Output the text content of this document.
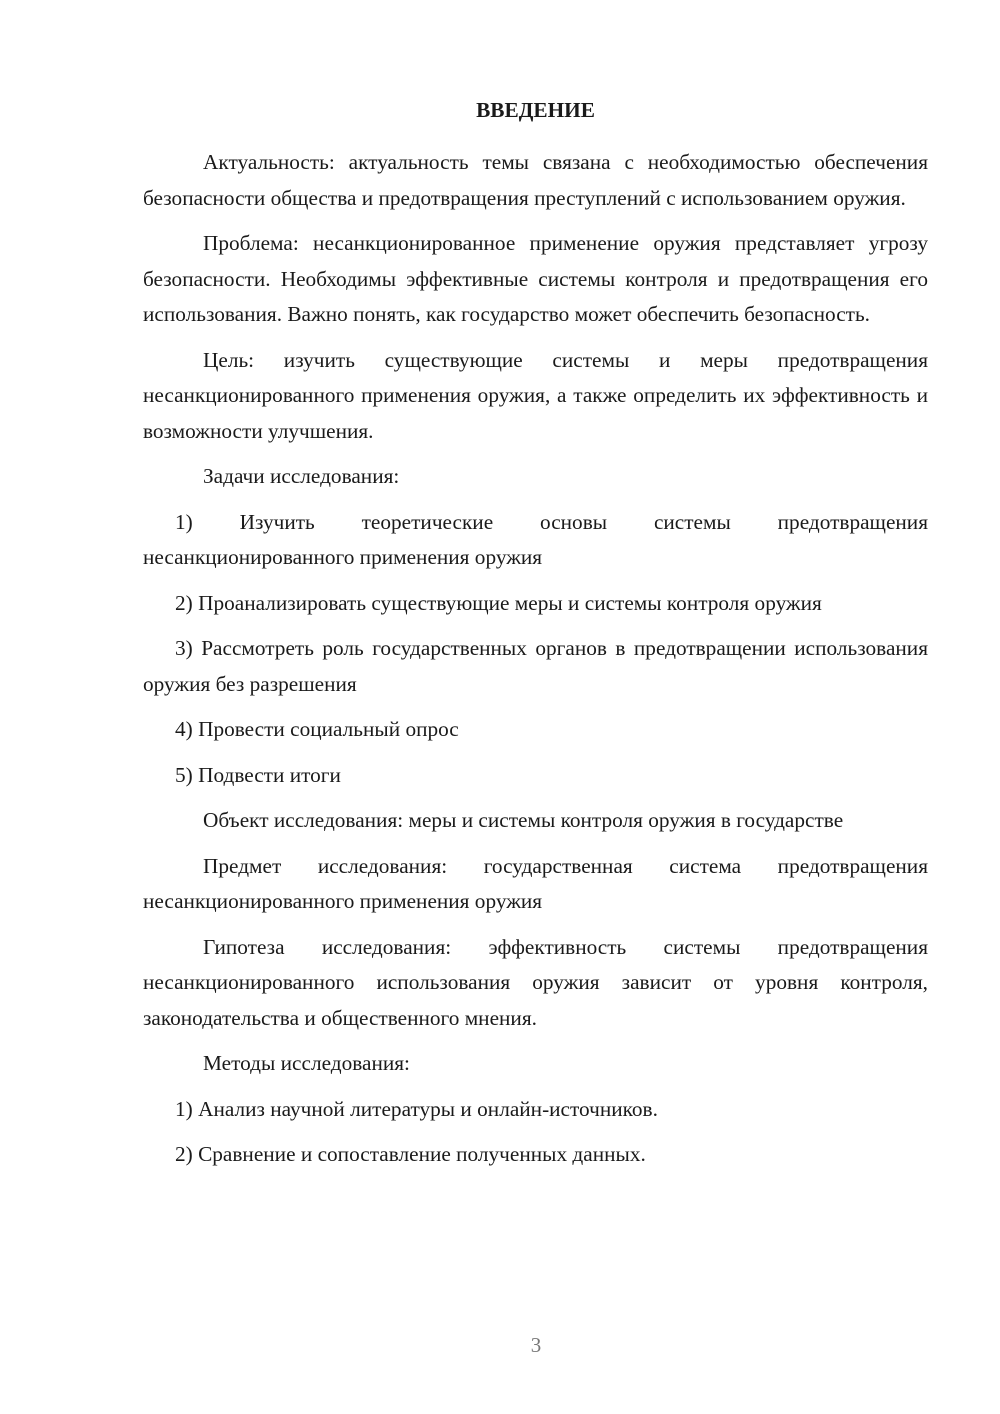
ВВЕДЕНИЕ

Актуальность: актуальность темы связана с необходимостью обеспечения безопасности общества и предотвращения преступлений с использованием оружия.

Проблема: несанкционированное применение оружия представляет угрозу безопасности. Необходимы эффективные системы контроля и предотвращения его использования. Важно понять, как государство может обеспечить безопасность.

Цель: изучить существующие системы и меры предотвращения несанкционированного применения оружия, а также определить их эффективность и возможности улучшения.

Задачи исследования:

1) Изучить теоретические основы системы предотвращения несанкционированного применения оружия

2) Проанализировать существующие меры и системы контроля оружия

3) Рассмотреть роль государственных органов в предотвращении использования оружия без разрешения

4) Провести социальный опрос

5) Подвести итоги

Объект исследования: меры и системы контроля оружия в государстве

Предмет исследования: государственная система предотвращения несанкционированного применения оружия

Гипотеза исследования: эффективность системы предотвращения несанкционированного использования оружия зависит от уровня контроля, законодательства и общественного мнения.

Методы исследования:

1) Анализ научной литературы и онлайн-источников.

2) Сравнение и сопоставление полученных данных.

3
